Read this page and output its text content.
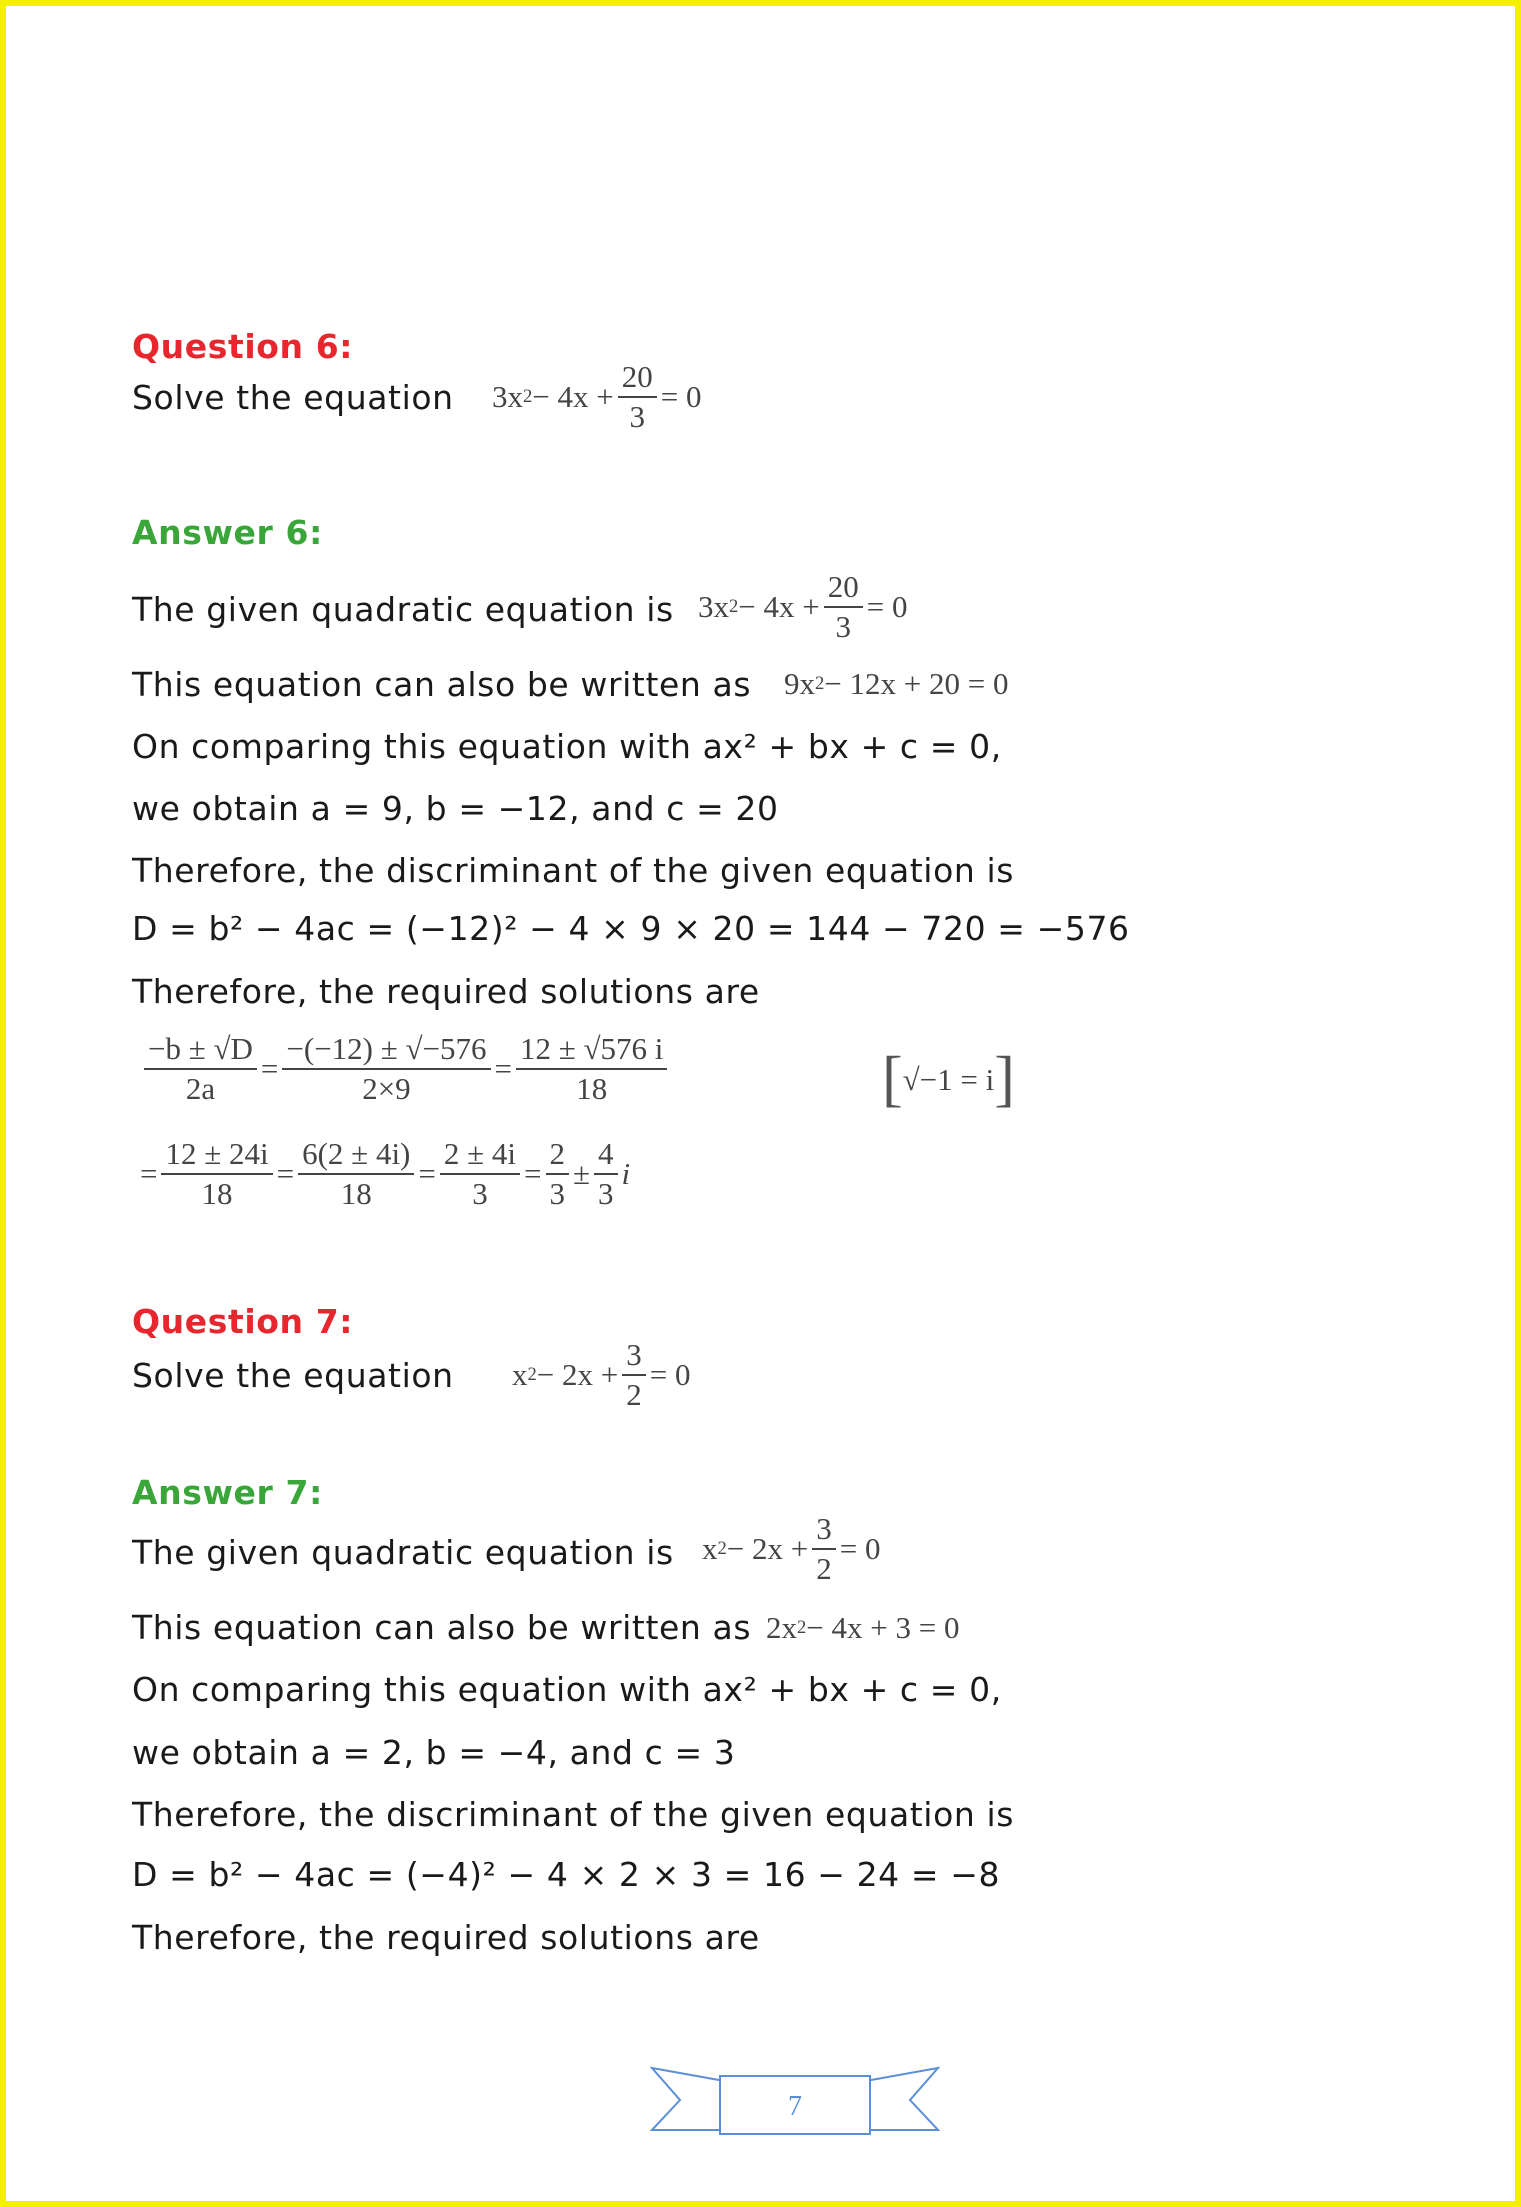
Question 6:
Solve the equation 3x $2 - 4x + \frac{20}{3} = 0$
Answer 6:
The given quadratic equation is 3x $2 - 4x + \frac{20}{3} = 0$
This equation can also be written as 9x 2 − 12x + 20 = 0
On comparing this equation with ax² + bx + c = 0,
we obtain a = 9, b = −12, and c = 20
Therefore, the discriminant of the given equation is
D = b² − 4ac = (−12)² − 4 × 9 × 20 = 144 − 720 = −576
Therefore, the required solutions are
$\frac{-b \pm √D}{2a} = \frac{-(-12) \pm √-576}{2\times 9} = \frac{12 \pm √576 i}{18}$	[ √−1 = i ]
= $\frac{12 \pm 24i}{18} = \frac{6(2 \pm 4i)}{18} = \frac{2 \pm 4i}{3} = \frac{2}{3} \pm \frac{4}{3}$ i
Question 7:
Solve the equation x $2 - 2x + \frac{3}{2} = 0$
Answer 7:
The given quadratic equation is x $2 - 2x + \frac{3}{2} = 0$
This equation can also be written as 2x 2 − 4x + 3 = 0
On comparing this equation with ax² + bx + c = 0,
we obtain a = 2, b = −4, and c = 3
Therefore, the discriminant of the given equation is
D = b² − 4ac = (−4)² − 4 × 2 × 3 = 16 − 24 = −8
Therefore, the required solutions are
7
